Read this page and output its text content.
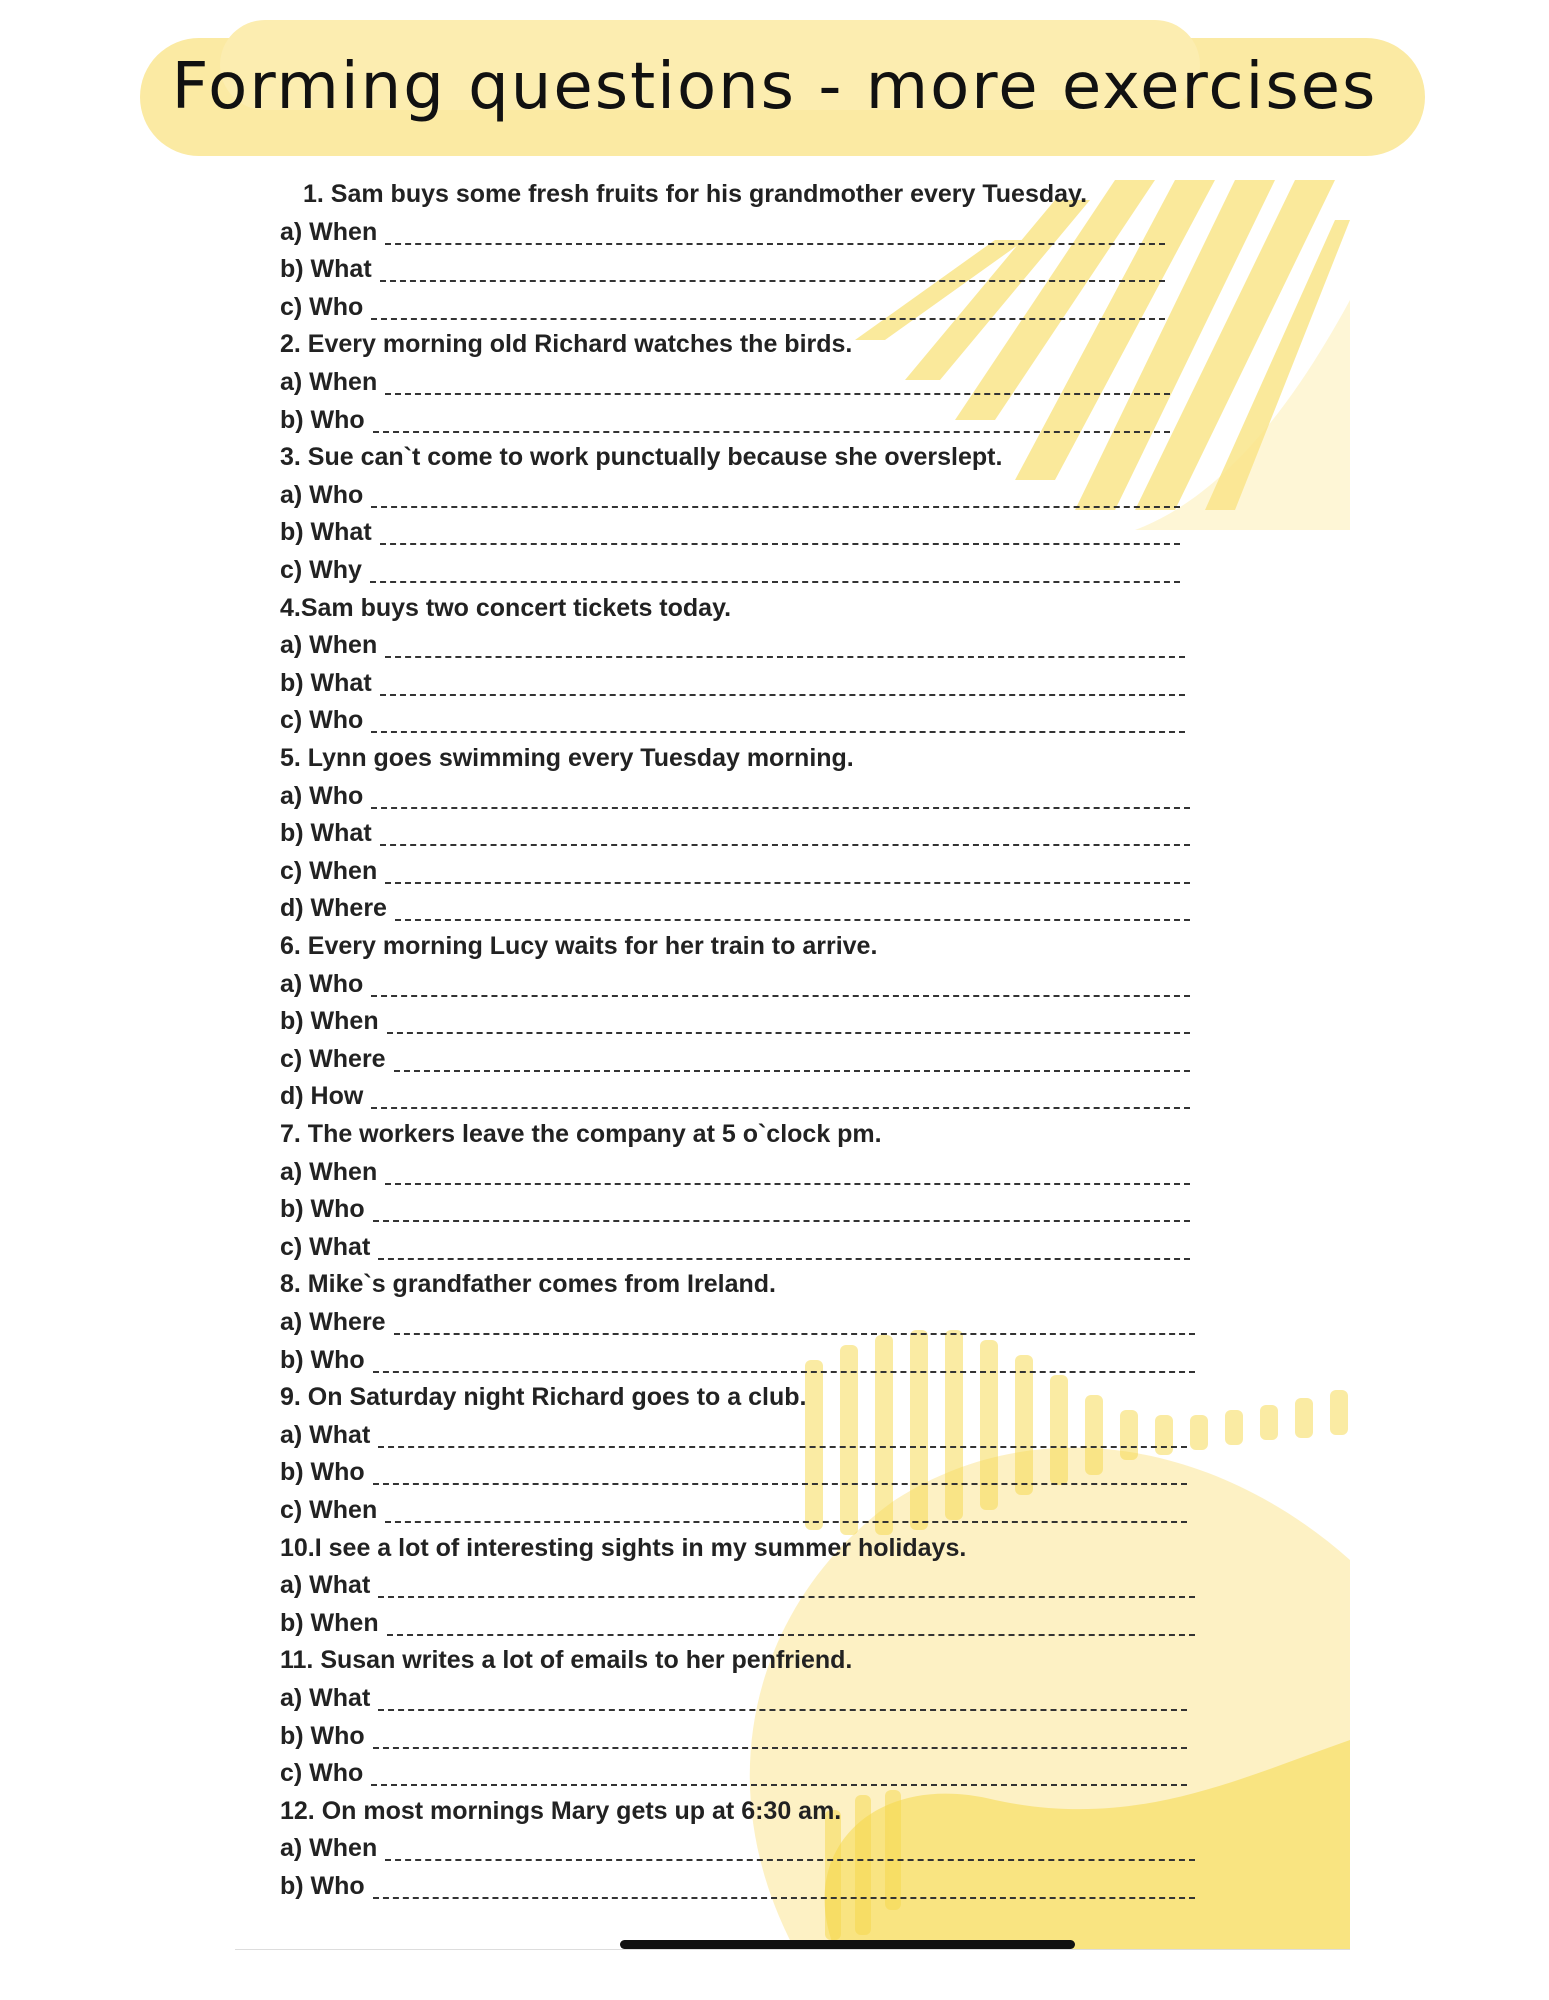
Forming questions - more exercises
1. Sam buys some fresh fruits for his grandmother every Tuesday.
a) When
b) What
c) Who
2. Every morning old Richard watches the birds.
a) When
b) Who
3. Sue can`t come to work punctually because she overslept.
a) Who
b) What
c) Why
4.Sam buys two concert tickets today.
a) When
b) What
c) Who
5. Lynn goes swimming every Tuesday morning.
a) Who
b) What
c) When
d) Where
6. Every morning Lucy waits for her train to arrive.
a) Who
b) When
c) Where
d) How
7. The workers leave the company at 5 o`clock pm.
a) When
b) Who
c) What
8. Mike`s grandfather comes from Ireland.
a) Where
b) Who
9. On Saturday night Richard goes to a club.
a) What
b) Who
c) When
10.I see a lot of interesting sights in my summer holidays.
a) What
b) When
11. Susan writes a lot of emails to her penfriend.
a) What
b) Who
c) Who
12. On most mornings Mary gets up at 6:30 am.
a) When
b) Who
